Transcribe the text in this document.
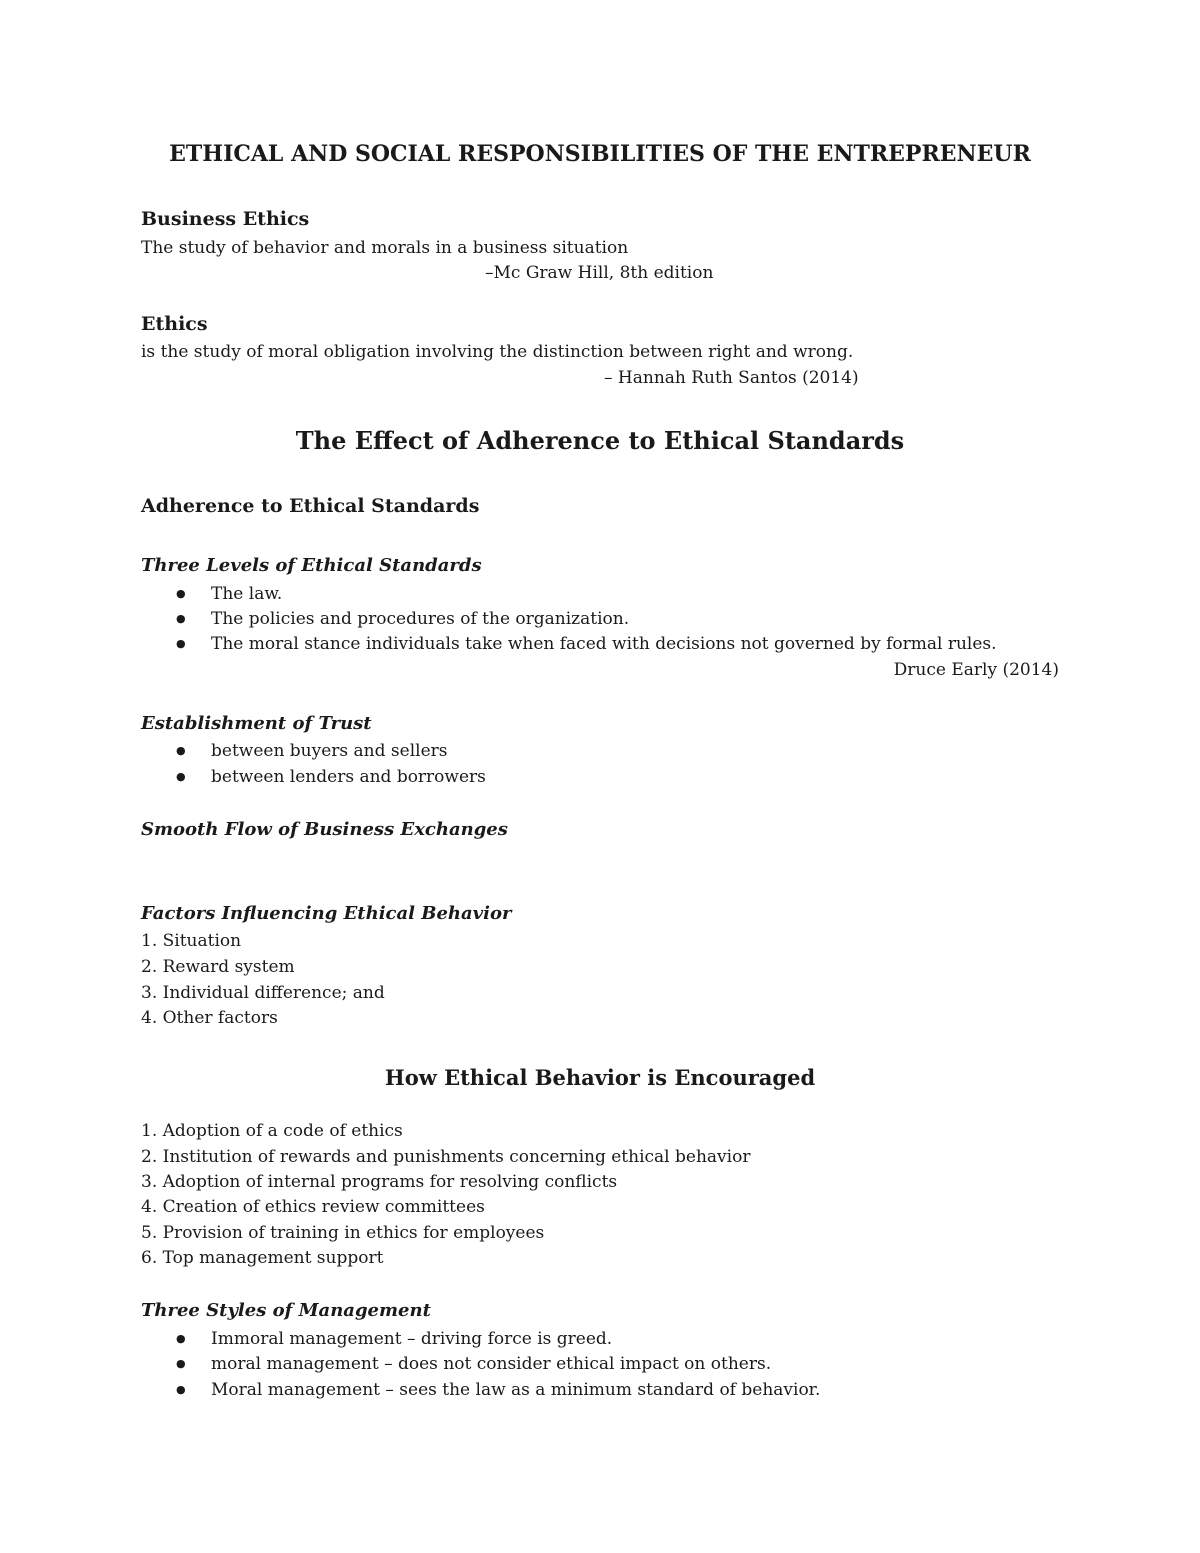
ETHICAL AND SOCIAL RESPONSIBILITIES OF THE ENTREPRENEUR
Business Ethics
The study of behavior and morals in a business situation
–Mc Graw Hill, 8th edition
Ethics
is the study of moral obligation involving the distinction between right and wrong.
– Hannah Ruth Santos (2014)
The Effect of Adherence to Ethical Standards
Adherence to Ethical Standards
Three Levels of Ethical Standards
●The law.
●The policies and procedures of the organization.
●The moral stance individuals take when faced with decisions not governed by formal rules.
Druce Early (2014)
Establishment of Trust
●between buyers and sellers
●between lenders and borrowers
Smooth Flow of Business Exchanges
Factors Influencing Ethical Behavior
1. Situation
2. Reward system
3. Individual difference; and
4. Other factors
How Ethical Behavior is Encouraged
1. Adoption of a code of ethics
2. Institution of rewards and punishments concerning ethical behavior
3. Adoption of internal programs for resolving conflicts
4. Creation of ethics review committees
5. Provision of training in ethics for employees
6. Top management support
Three Styles of Management
●Immoral management – driving force is greed.
●moral management – does not consider ethical impact on others.
●Moral management – sees the law as a minimum standard of behavior.
